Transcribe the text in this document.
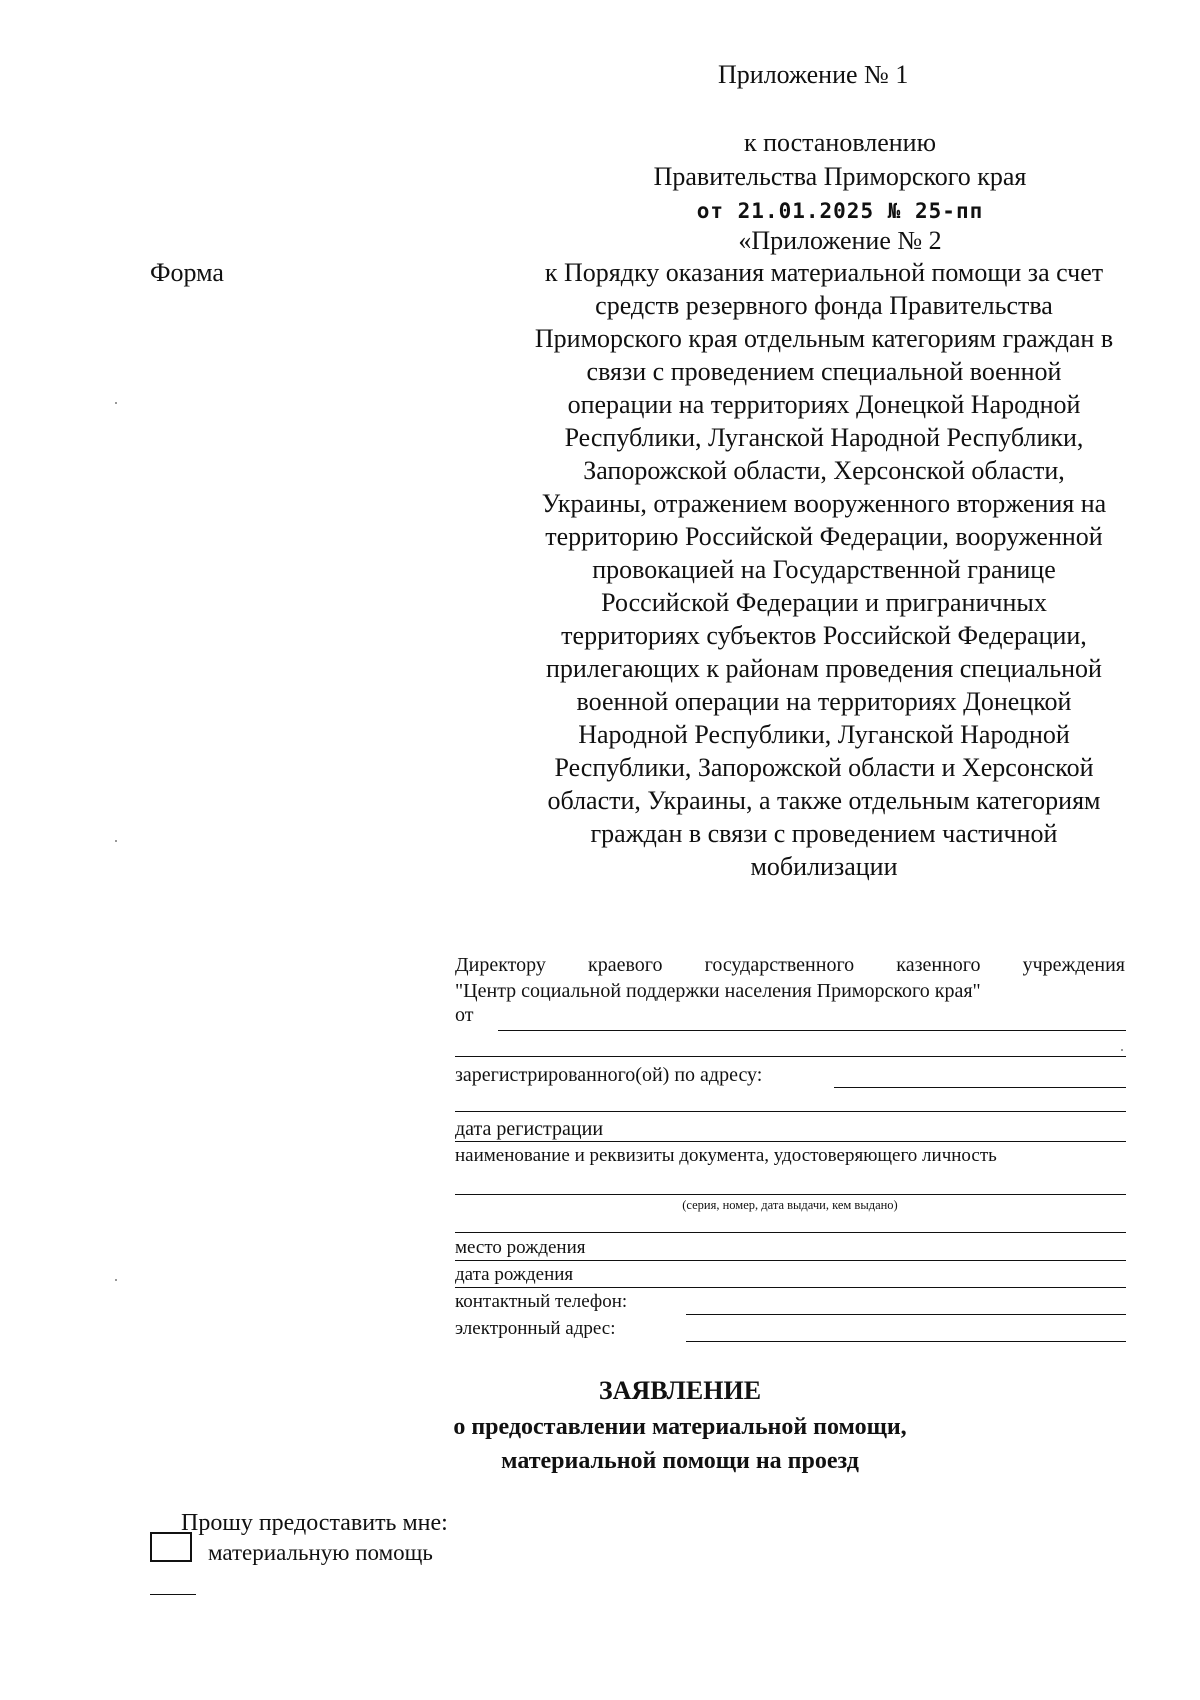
Приложение № 1
к постановлению
Правительства Приморского края
от 21.01.2025 № 25-пп
«Приложение № 2
Форма	к Порядку оказания материальной помощи за счет
средств резервного фонда Правительства
Приморского края отдельным категориям граждан в
связи с проведением специальной военной
операции на территориях Донецкой Народной
Республики, Луганской Народной Республики,
Запорожской области, Херсонской области,
Украины, отражением вооруженного вторжения на
территорию Российской Федерации, вооруженной
провокацией на Государственной границе
Российской Федерации и приграничных
территориях субъектов Российской Федерации,
прилегающих к районам проведения специальной
военной операции на территориях Донецкой
Народной Республики, Луганской Народной
Республики, Запорожской области и Херсонской
области, Украины, а также отдельным категориям
граждан в связи с проведением частичной
мобилизации
Директору краевого государственного казенного учреждения
"Центр социальной поддержки населения Приморского края"
от
зарегистрированного(ой) по адресу:
дата регистрации
наименование и реквизиты документа, удостоверяющего личность
(серия, номер, дата выдачи, кем выдано)
место рождения
дата рождения
контактный телефон:
электронный адрес:
ЗАЯВЛЕНИЕ
о предоставлении материальной помощи,
материальной помощи на проезд
Прошу предоставить мне:
материальную помощь
